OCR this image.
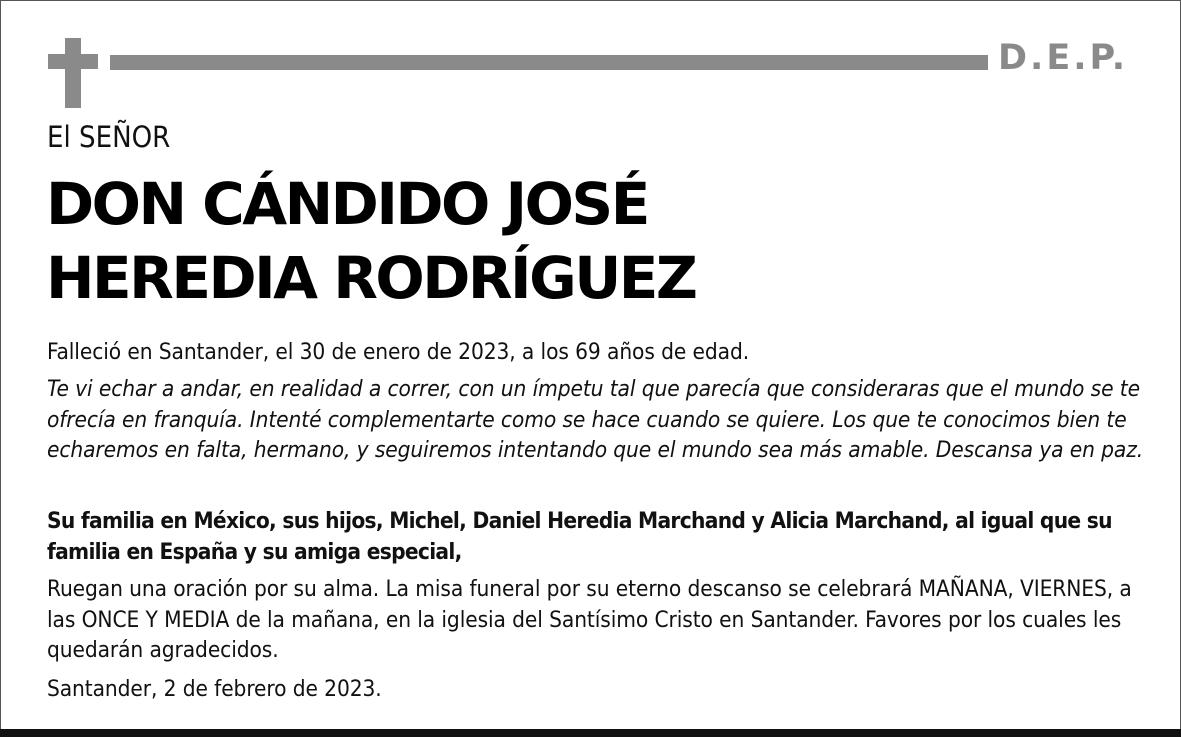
D.E.P.
El SEÑOR
DON CÁNDIDO JOSÉ
HEREDIA RODRÍGUEZ
Falleció en Santander, el 30 de enero de 2023, a los 69 años de edad.
Te vi echar a andar, en realidad a correr, con un ímpetu tal que parecía que consideraras que el mundo se te ofrecía en franquía. Intenté complementarte como se hace cuando se quiere. Los que te conocimos bien te echaremos en falta, hermano, y seguiremos intentando que el mundo sea más amable. Descansa ya en paz.
Su familia en México, sus hijos, Michel, Daniel Heredia Marchand y Alicia Marchand, al igual que su familia en España y su amiga especial,
Ruegan una oración por su alma. La misa funeral por su eterno descanso se celebrará MAÑANA, VIERNES, a las ONCE Y MEDIA de la mañana, en la iglesia del Santísimo Cristo en Santander. Favores por los cuales les quedarán agradecidos.
Santander, 2 de febrero de 2023.
